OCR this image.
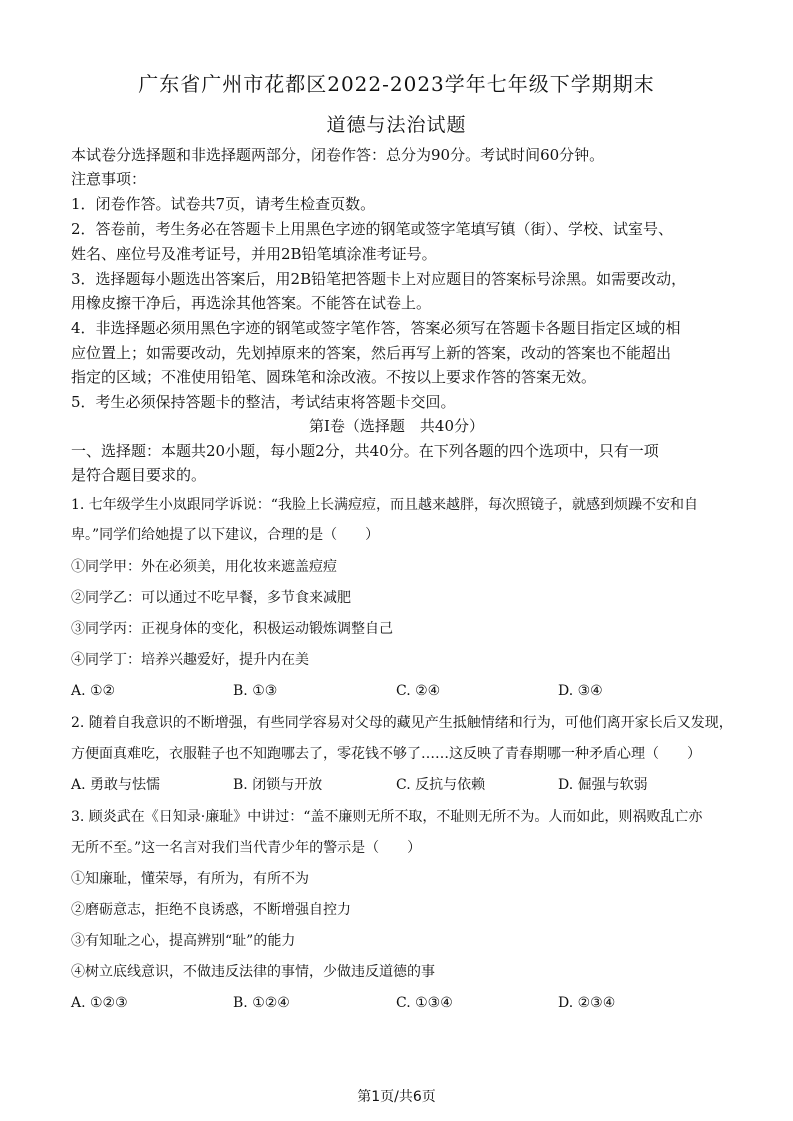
广东省广州市花都区2022-2023学年七年级下学期期末
道德与法治试题
本试卷分选择题和非选择题两部分，闭卷作答：总分为90分。考试时间60分钟。
注意事项：
1．闭卷作答。试卷共7页，请考生检查页数。
2．答卷前，考生务必在答题卡上用黑色字迹的钢笔或签字笔填写镇（街）、学校、试室号、
姓名、座位号及准考证号，并用2B铅笔填涂准考证号。
3．选择题每小题选出答案后，用2B铅笔把答题卡上对应题目的答案标号涂黑。如需要改动，
用橡皮擦干净后，再选涂其他答案。不能答在试卷上。
4．非选择题必须用黑色字迹的钢笔或签字笔作答，答案必须写在答题卡各题目指定区域的相
应位置上；如需要改动，先划掉原来的答案，然后再写上新的答案，改动的答案也不能超出
指定的区域；不准使用铅笔、圆珠笔和涂改液。不按以上要求作答的答案无效。
5．考生必须保持答题卡的整洁，考试结束将答题卡交回。
第Ⅰ卷（选择题　共40分）
一、选择题：本题共20小题，每小题2分，共40分。在下列各题的四个选项中，只有一项
是符合题目要求的。
1. 七年级学生小岚跟同学诉说：“我脸上长满痘痘，而且越来越胖，每次照镜子，就感到烦躁不安和自
卑。”同学们给她提了以下建议，合理的是（　　）
①同学甲：外在必须美，用化妆来遮盖痘痘
②同学乙：可以通过不吃早餐，多节食来减肥
③同学丙：正视身体的变化，积极运动锻炼调整自己
④同学丁：培养兴趣爱好，提升内在美
A. ①②	B. ①③	C. ②④	D. ③④
2. 随着自我意识的不断增强，有些同学容易对父母的藏见产生抵触情绪和行为，可他们离开家长后又发现，
方便面真难吃，衣服鞋子也不知跑哪去了，零花钱不够了……这反映了青春期哪一种矛盾心理（　　）
A. 勇敢与怯懦	B. 闭锁与开放	C. 反抗与依赖	D. 倔强与软弱
3. 顾炎武在《日知录·廉耻》中讲过：“盖不廉则无所不取，不耻则无所不为。人而如此，则祸败乱亡亦
无所不至。”这一名言对我们当代青少年的警示是（　　）
①知廉耻，懂荣辱，有所为，有所不为
②磨砺意志，拒绝不良诱惑，不断增强自控力
③有知耻之心，提高辨别“耻”的能力
④树立底线意识，不做违反法律的事情，少做违反道德的事
A. ①②③	B. ①②④	C. ①③④	D. ②③④
第1页/共6页
